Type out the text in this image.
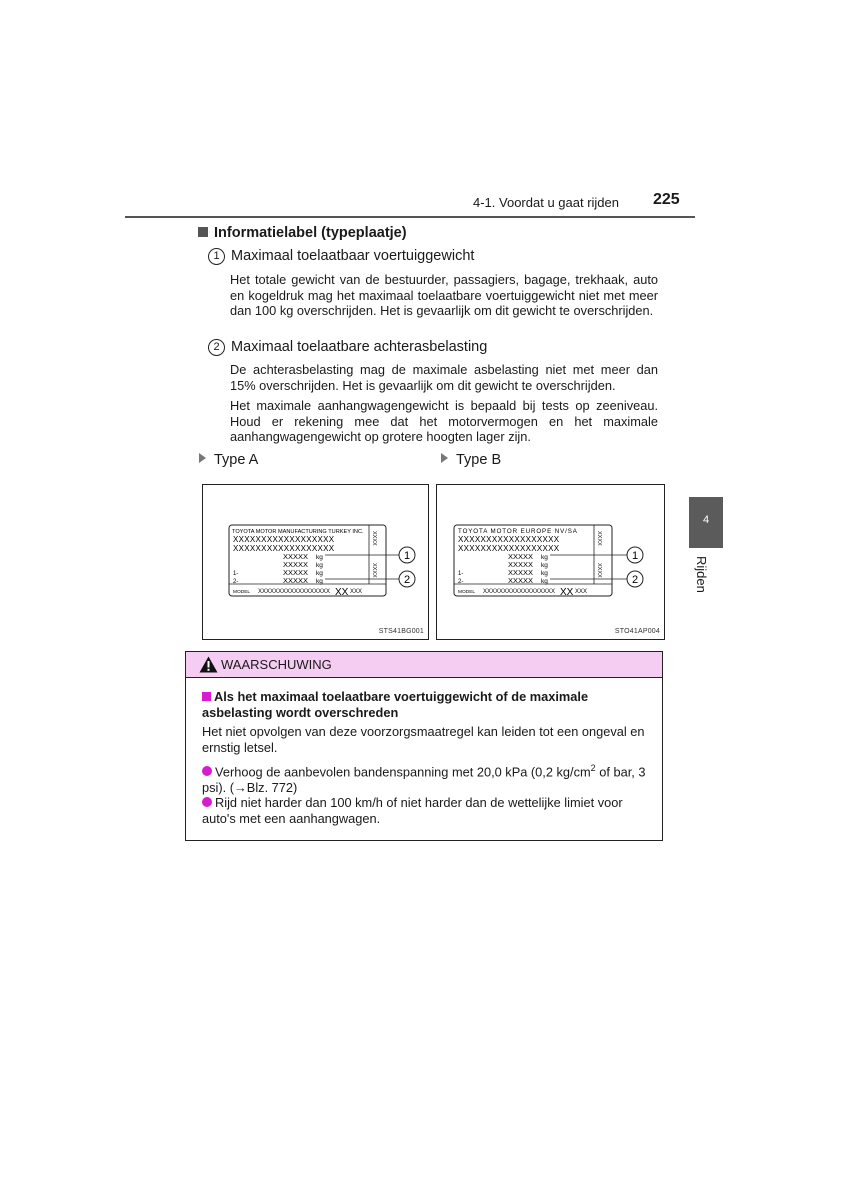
4-1. Voordat u gaat rijden 225
4
Rijden
Informatielabel (typeplaatje)
1 Maximaal toelaatbaar voertuiggewicht
Het totale gewicht van de bestuurder, passagiers, bagage, trekhaak, auto en kogeldruk mag het maximaal toelaatbare voertuiggewicht niet met meer dan 100 kg overschrijden. Het is gevaarlijk om dit gewicht te overschrijden.
2 Maximaal toelaatbare achterasbelasting
De achterasbelasting mag de maximale asbelasting niet met meer dan 15% overschrijden. Het is gevaarlijk om dit gewicht te overschrijden.
Het maximale aanhangwagengewicht is bepaald bij tests op zeeniveau. Houd er rekening mee dat het motorvermogen en het maximale aanhangwagengewicht op grotere hoogten lager zijn.
Type A	Type B
TOYOTA MOTOR MANUFACTURING TURKEY INC.
XXXXXXXXXXXXXXXXXX
XXXXXXXXXXXXXXXXXX
XXXXX
XXXXX
XXXXX
XXXXX
kg
kg
kg
kg
1-
2-
MODEL XXXXXXXXXXXXXXXXXX XX XXX
XXXX
XXXX
1
2
STS41BG001
TOYOTA MOTOR EUROPE NV/SA
XXXXXXXXXXXXXXXXXX
XXXXXXXXXXXXXXXXXX
XXXXX
XXXXX
XXXXX
XXXXX
kg
kg
kg
kg
1-
2-
MODEL XXXXXXXXXXXXXXXXXX XX XXX
XXXX
XXXX
1
2
STO41AP004
WAARSCHUWING
Als het maximaal toelaatbare voertuiggewicht of de maximale asbelasting wordt overschreden
Het niet opvolgen van deze voorzorgsmaatregel kan leiden tot een ongeval en ernstig letsel.
Verhoog de aanbevolen bandenspanning met 20,0 kPa (0,2 $kg/cm^2$ of bar, 3 psi). (→Blz. 772)
Rijd niet harder dan 100 km/h of niet harder dan de wettelijke limiet voor auto's met een aanhangwagen.
